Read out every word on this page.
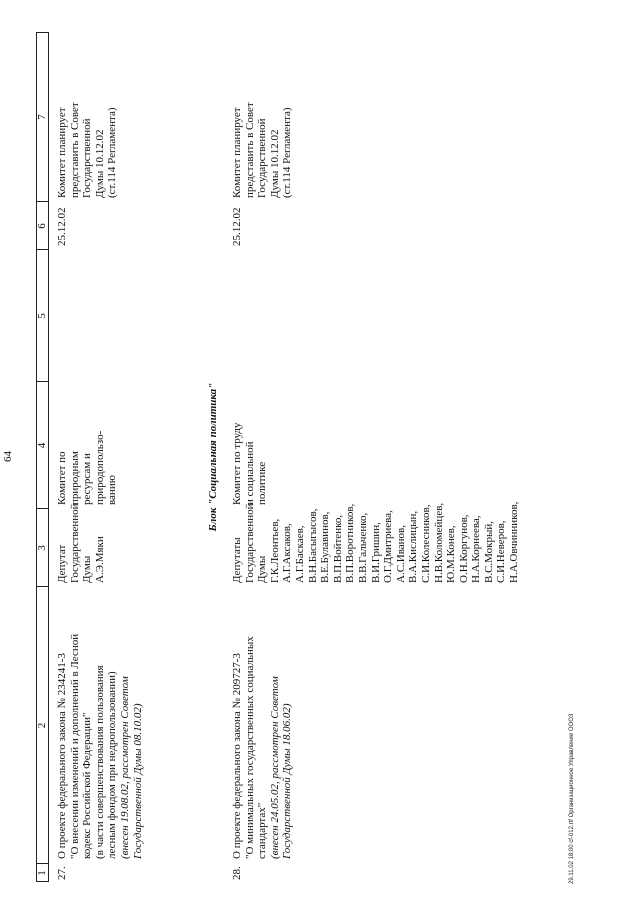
64
1
2
3
4
5
6
7
27.
О проекте федерального закона № 234241-3 "О внесении изменений и дополнений в Лесной кодекс Российской Федерации" (в части совершенствования пользования лесным фондом при недропользовании) (внесен 19.08.02, рассмотрен Советом Государственной Думы 08.10.02)
Депутат Государственной Думы А.Э.Мяки
Комитет по природным ресурсам и природопользо- ванию
25.12.02
Комитет планирует представить в Совет Государственной Думы 10.12.02 (ст.114 Регламента)
Блок "Социальная политика"
28.
О проекте федерального закона № 209727-3 "О минимальных государственных социальных стандартах" (внесен 24.05.02, рассмотрен Советом Государственной Думы 18.06.02)
Депутаты Государственной Думы Г.К.Леонтьев, А.Г.Аксаков, А.Г.Баскаев, В.Н.Басыгысов, В.Е.Булавинов, В.П.Войтенко, В.П.Воротников, В.В.Гальченко, В.И.Гришин, О.Г.Дмитриева, А.С.Иванов, В.А.Кислицын, С.И.Колесников, Н.В.Коломейцев, Ю.М.Конев, О.Н.Коргунов, Н.А.Корнеева, В.С.Мокрый, С.И.Неверов, Н.А.Овчинников,
Комитет по труду и социальной политике
25.12.02
Комитет планирует представить в Совет Государственной Думы 10.12.02 (ст.114 Регламента)
29.11.02 18:00 cf-012.rtf Организационное Управление ООО3
